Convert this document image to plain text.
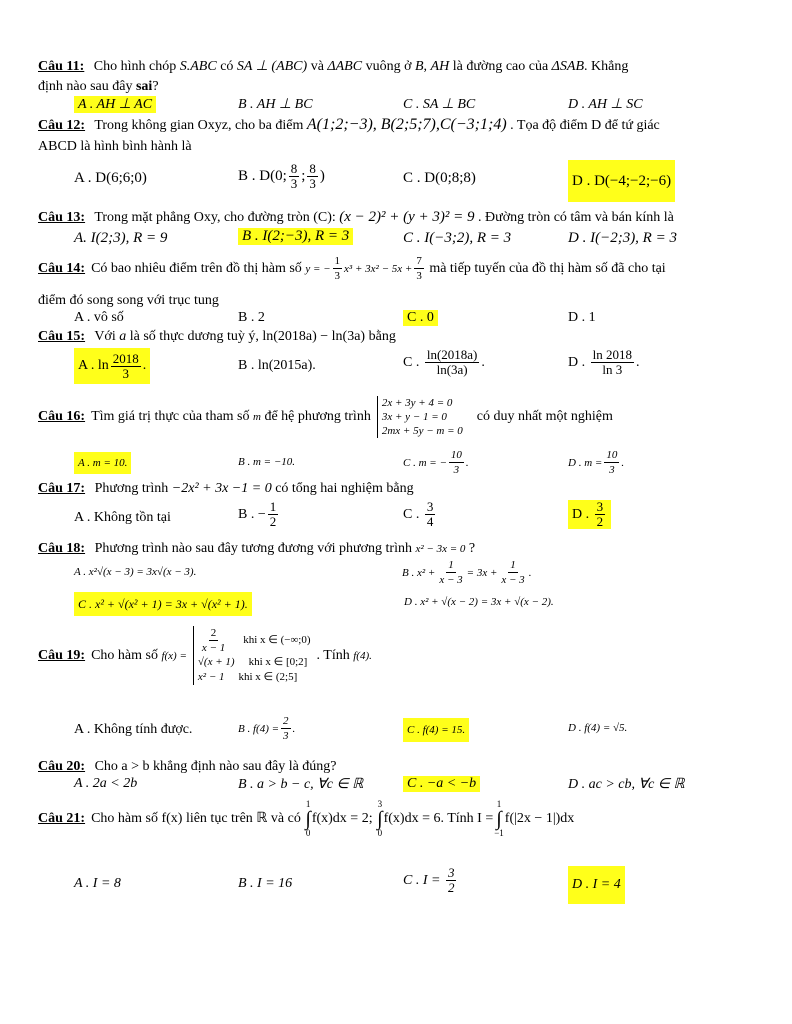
Câu 11: Cho hình chóp S.ABC có SA ⊥ (ABC) và ΔABC vuông ở B, AH là đường cao của ΔSAB. Khẳng
định nào sau đây sai?
A . AH ⊥ AC	B . AH ⊥ BC	C . SA ⊥ BC	D . AH ⊥ SC
Câu 12: Trong không gian Oxyz, cho ba điểm A(1;2;−3), B(2;5;7),C(−3;1;4) . Tọa độ điểm D để tứ giác
ABCD là hình bình hành là
A . D(6;6;0)	B . D(0; $\frac{8}{3}$ ; $\frac{8}{3}$ )	C . D(0;8;8)	D . D(−4;−2;−6)
Câu 13: Trong mặt phẳng Oxy, cho đường tròn (C): (x − 2)² + (y + 3)² = 9 . Đường tròn có tâm và bán kính là
A. I(2;3), R = 9	B . I(2;−3), R = 3	C . I(−3;2), R = 3	D . I(−2;3), R = 3
Câu 14: Có bao nhiêu điểm trên đồ thị hàm số
y = − $\frac{1}{3} x^3 + 3x^2 - 5x + \frac{7}{3}$
mà tiếp tuyến của đồ thị hàm số đã cho tại
điểm đó song song với trục tung
A . vô số	B . 2	C . 0	D . 1
Câu 15: Với a là số thực dương tuỳ ý, ln(2018a) − ln(3a) bằng
A . $\ln \frac{2018}{3}$ .	B . ln(2015a).	C .
$\frac{\ln(2018a)}{\ln(3a)}$ .	D .
$\frac{\ln 2018}{\ln 3}$ .
Câu 16: Tìm giá trị thực của tham số
m
để hệ phương trình
2x + 3y + 4 = 0
3x + y − 1 = 0
2mx + 5y − m = 0
có duy nhất một nghiệm
A . m = 10.	B . m = −10.	C . m = − $\frac{10}{3}$ .	D . $m = \frac{10}{3}$ .
Câu 17: Phương trình −2x² + 3x −1 = 0 có tổng hai nghiệm bằng
A . Không tồn tại	B . − $\frac{1}{2}$	C .
$\frac{3}{4}$	D .
$\frac{3}{2}$
Câu 18: Phương trình nào sau đây tương đương với phương trình x² − 3x = 0 ?
A . x²√(x − 3) = 3x√(x − 3).	B . $x^2 + \frac{1}{x - 3} = 3x + \frac{1}{x - 3}$ .
C . x² + √(x² + 1) = 3x + √(x² + 1).	D . x² + √(x − 2) = 3x + √(x − 2).
Câu 19: Cho hàm số
f(x) =
$\frac{2}{x - 1}$ khi x ∈ (−∞;0)
√(x + 1) khi x ∈ [0;2]
x² − 1 khi x ∈ (2;5]
. Tính
f(4).
A . Không tính được.	B . $f(4) = \frac{2}{3}$ .	C . f(4) = 15.	D . f(4) = √5.
Câu 20: Cho a > b khẳng định nào sau đây là đúng?
A . 2a < 2b	B . a > b − c, ∀c ∈ ℝ	C . −a < −b	D . ac > cb, ∀c ∈ ℝ
Câu 21: Cho hàm số f(x) liên tục trên ℝ và có

1
∫
0
f(x)dx = 2;

3
∫
0
f(x)dx = 6 . Tính I =
1
∫
−1
f(|2x − 1|)dx
A . I = 8	B . I = 16	C . I =
$\frac{3}{2}$	D . I = 4
